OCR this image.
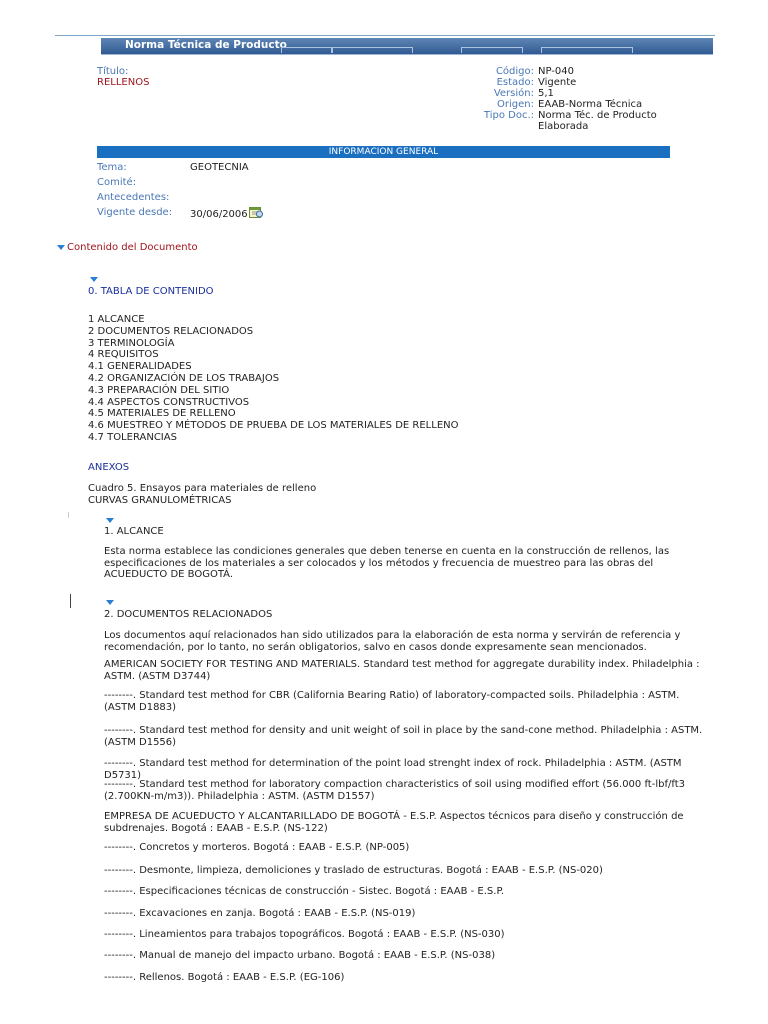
Norma Técnica de Producto
Título:
RELLENOS
Código: NP-040
Estado: Vigente
Versión: 5,1
Origen: EAAB-Norma Técnica
Tipo Doc.: Norma Téc. de Producto
Elaborada
INFORMACION GENERAL
Tema:	GEOTECNIA
Comité:
Antecedentes:
Vigente desde: 30/06/2006
Contenido del Documento
0. TABLA DE CONTENIDO
1 ALCANCE
2 DOCUMENTOS RELACIONADOS
3 TERMINOLOGÍA
4 REQUISITOS
4.1 GENERALIDADES
4.2 ORGANIZACIÓN DE LOS TRABAJOS
4.3 PREPARACIÓN DEL SITIO
4.4 ASPECTOS CONSTRUCTIVOS
4.5 MATERIALES DE RELLENO
4.6 MUESTREO Y MÉTODOS DE PRUEBA DE LOS MATERIALES DE RELLENO
4.7 TOLERANCIAS
ANEXOS
Cuadro 5. Ensayos para materiales de relleno
CURVAS GRANULOMÉTRICAS
1. ALCANCE
Esta norma establece las condiciones generales que deben tenerse en cuenta en la construcción de rellenos, las especificaciones de los materiales a ser colocados y los métodos y frecuencia de muestreo para las obras del ACUEDUCTO DE BOGOTÁ.
2. DOCUMENTOS RELACIONADOS
Los documentos aquí relacionados han sido utilizados para la elaboración de esta norma y servirán de referencia y recomendación, por lo tanto, no serán obligatorios, salvo en casos donde expresamente sean mencionados.
AMERICAN SOCIETY FOR TESTING AND MATERIALS. Standard test method for aggregate durability index. Philadelphia : ASTM. (ASTM D3744)
--------. Standard test method for CBR (California Bearing Ratio) of laboratory-compacted soils. Philadelphia : ASTM. (ASTM D1883)
--------. Standard test method for density and unit weight of soil in place by the sand-cone method. Philadelphia : ASTM. (ASTM D1556)
--------. Standard test method for determination of the point load strenght index of rock. Philadelphia : ASTM. (ASTM D5731)
--------. Standard test method for laboratory compaction characteristics of soil using modified effort (56.000 ft-lbf/ft3 (2.700KN-m/m3)). Philadelphia : ASTM. (ASTM D1557)
EMPRESA DE ACUEDUCTO Y ALCANTARILLADO DE BOGOTÁ - E.S.P. Aspectos técnicos para diseño y construcción de subdrenajes. Bogotá : EAAB - E.S.P. (NS-122)
--------. Concretos y morteros. Bogotá : EAAB - E.S.P. (NP-005)
--------. Desmonte, limpieza, demoliciones y traslado de estructuras. Bogotá : EAAB - E.S.P. (NS-020)
--------. Especificaciones técnicas de construcción - Sistec. Bogotá : EAAB - E.S.P.
--------. Excavaciones en zanja. Bogotá : EAAB - E.S.P. (NS-019)
--------. Lineamientos para trabajos topográficos. Bogotá : EAAB - E.S.P. (NS-030)
--------. Manual de manejo del impacto urbano. Bogotá : EAAB - E.S.P. (NS-038)
--------. Rellenos. Bogotá : EAAB - E.S.P. (EG-106)
